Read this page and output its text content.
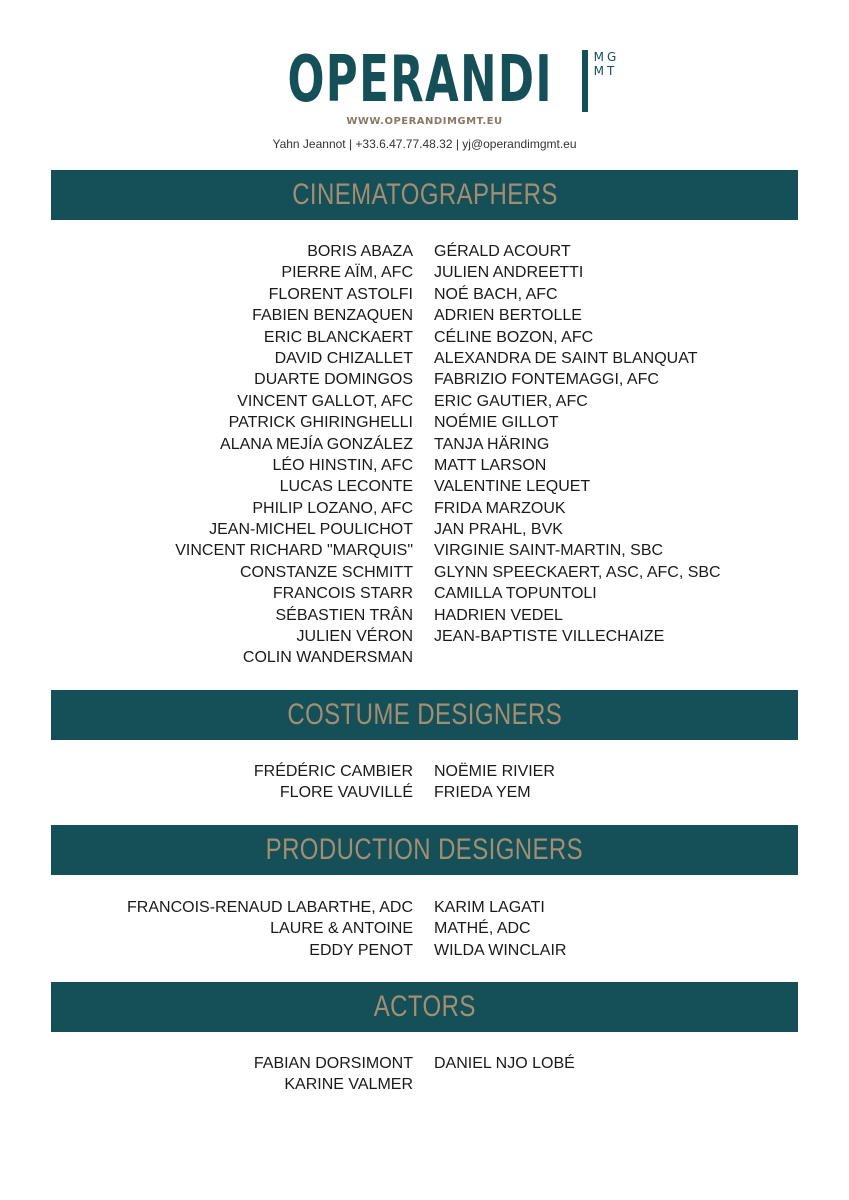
OPERANDI	MGMT
WWW.OPERANDIMGMT.EU
Yahn Jeannot | +33.6.47.77.48.32 | yj@operandimgmt.eu
CINEMATOGRAPHERS
BORIS ABAZA GÉRALD ACOURT
PIERRE AÏM, AFC JULIEN ANDREETTI
FLORENT ASTOLFI NOÉ BACH, AFC
FABIEN BENZAQUEN ADRIEN BERTOLLE
ERIC BLANCKAERT CÉLINE BOZON, AFC
DAVID CHIZALLET ALEXANDRA DE SAINT BLANQUAT
DUARTE DOMINGOS FABRIZIO FONTEMAGGI, AFC
VINCENT GALLOT, AFC ERIC GAUTIER, AFC
PATRICK GHIRINGHELLI NOÉMIE GILLOT
ALANA MEJÍA GONZÁLEZ TANJA HÄRING
LÉO HINSTIN, AFC MATT LARSON
LUCAS LECONTE VALENTINE LEQUET
PHILIP LOZANO, AFC FRIDA MARZOUK
JEAN-MICHEL POULICHOT JAN PRAHL, BVK
VINCENT RICHARD "MARQUIS" VIRGINIE SAINT-MARTIN, SBC
CONSTANZE SCHMITT GLYNN SPEECKAERT, ASC, AFC, SBC
FRANCOIS STARR CAMILLA TOPUNTOLI
SÉBASTIEN TRÂN HADRIEN VEDEL
JULIEN VÉRON JEAN-BAPTISTE VILLECHAIZE
COLIN WANDERSMAN
COSTUME DESIGNERS
FRÉDÉRIC CAMBIER NOËMIE RIVIER
FLORE VAUVILLÉ FRIEDA YEM
PRODUCTION DESIGNERS
FRANCOIS-RENAUD LABARTHE, ADC KARIM LAGATI
LAURE & ANTOINE MATHÉ, ADC
EDDY PENOT WILDA WINCLAIR
ACTORS
FABIAN DORSIMONT DANIEL NJO LOBÉ
KARINE VALMER
